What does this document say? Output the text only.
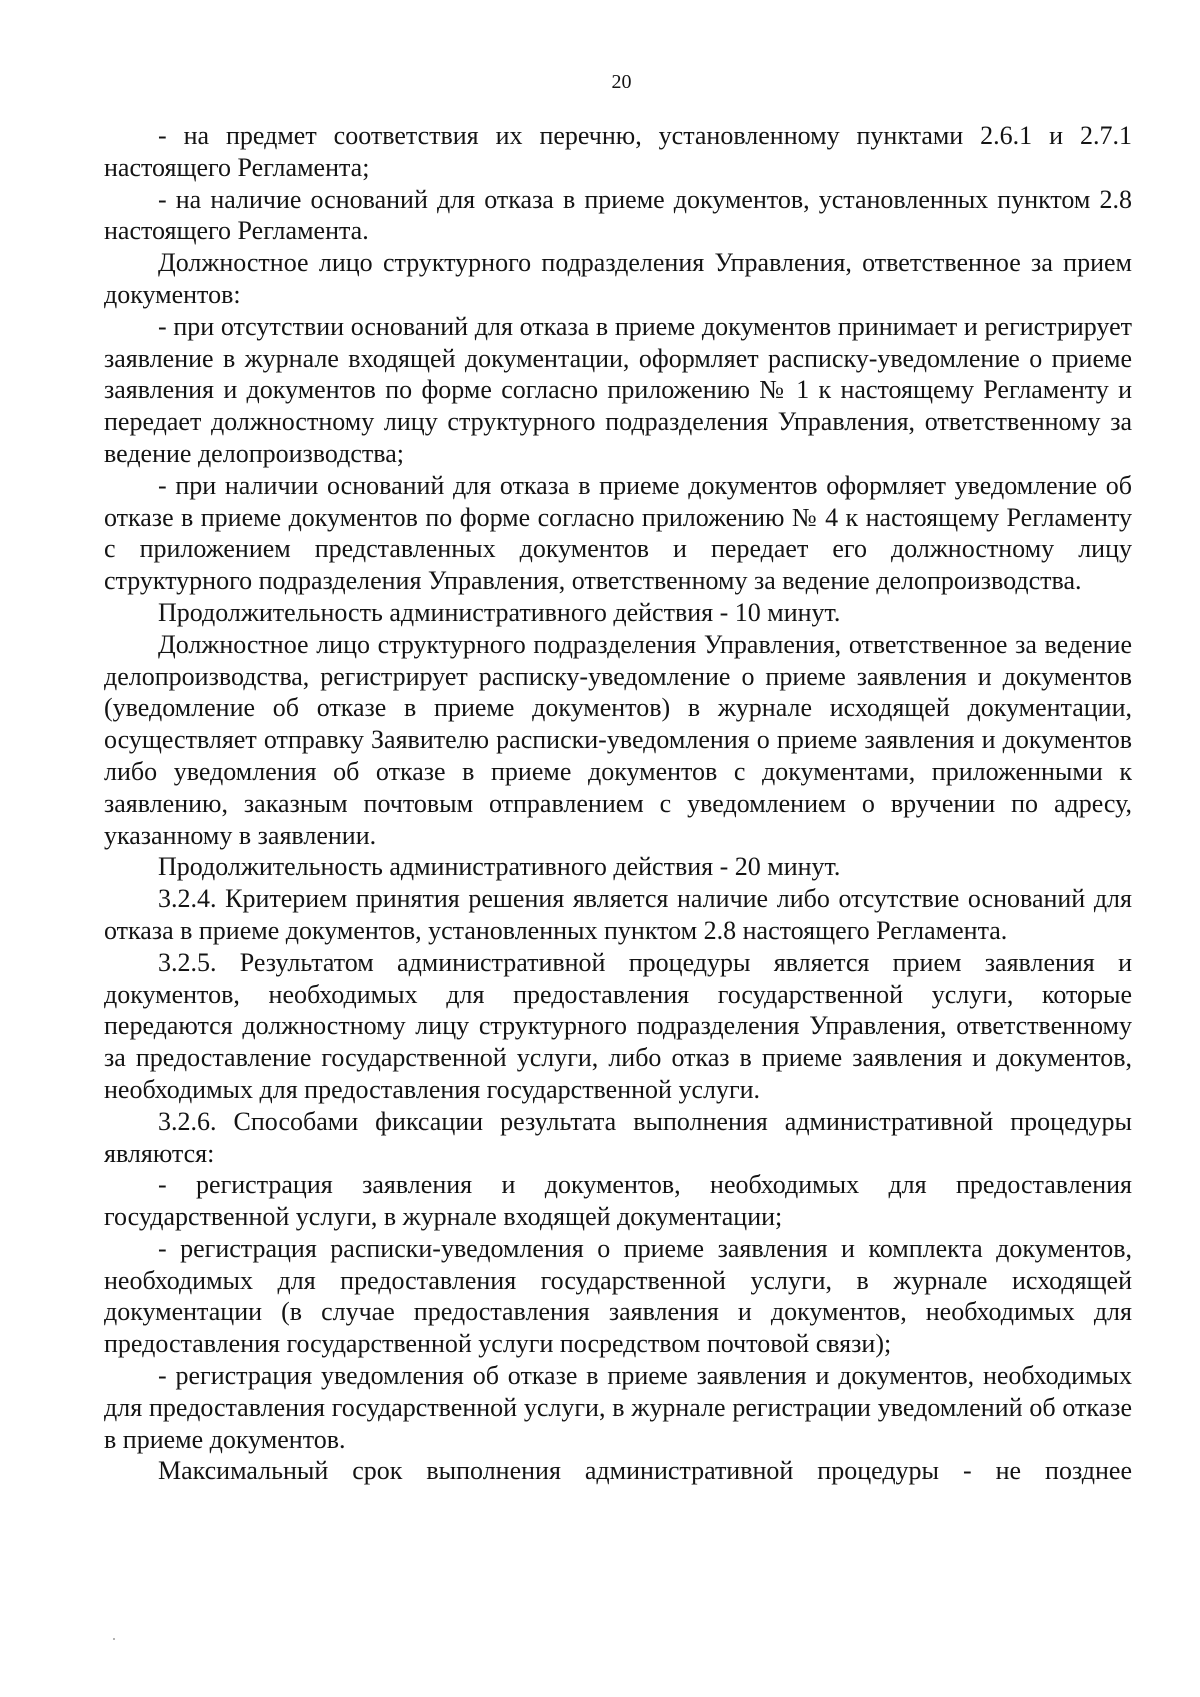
20

- на предмет соответствия их перечню, установленному пунктами 2.6.1 и 2.7.1 настоящего Регламента;

- на наличие оснований для отказа в приеме документов, установленных пунктом 2.8 настоящего Регламента.

Должностное лицо структурного подразделения Управления, ответственное за прием документов:

- при отсутствии оснований для отказа в приеме документов принимает и регистрирует заявление в журнале входящей документации, оформляет расписку-уведомление о приеме заявления и документов по форме согласно приложению № 1 к настоящему Регламенту и передает должностному лицу структурного подразделения Управления, ответственному за ведение делопроизводства;

- при наличии оснований для отказа в приеме документов оформляет уведомление об отказе в приеме документов по форме согласно приложению № 4 к настоящему Регламенту с приложением представленных документов и передает его должностному лицу структурного подразделения Управления, ответственному за ведение делопроизводства.

Продолжительность административного действия - 10 минут.

Должностное лицо структурного подразделения Управления, ответственное за ведение делопроизводства, регистрирует расписку-уведомление о приеме заявления и документов (уведомление об отказе в приеме документов) в журнале исходящей документации, осуществляет отправку Заявителю расписки-уведомления о приеме заявления и документов либо уведомления об отказе в приеме документов с документами, приложенными к заявлению, заказным почтовым отправлением с уведомлением о вручении по адресу, указанному в заявлении.

Продолжительность административного действия - 20 минут.

3.2.4. Критерием принятия решения является наличие либо отсутствие оснований для отказа в приеме документов, установленных пунктом 2.8 настоящего Регламента.

3.2.5. Результатом административной процедуры является прием заявления и документов, необходимых для предоставления государственной услуги, которые передаются должностному лицу структурного подразделения Управления, ответственному за предоставление государственной услуги, либо отказ в приеме заявления и документов, необходимых для предоставления государственной услуги.

3.2.6. Способами фиксации результата выполнения административной процедуры являются:

- регистрация заявления и документов, необходимых для предоставления государственной услуги, в журнале входящей документации;

- регистрация расписки-уведомления о приеме заявления и комплекта документов, необходимых для предоставления государственной услуги, в журнале исходящей документации (в случае предоставления заявления и документов, необходимых для предоставления государственной услуги посредством почтовой связи);

- регистрация уведомления об отказе в приеме заявления и документов, необходимых для предоставления государственной услуги, в журнале регистрации уведомлений об отказе в приеме документов.

Максимальный срок выполнения административной процедуры - не позднее
